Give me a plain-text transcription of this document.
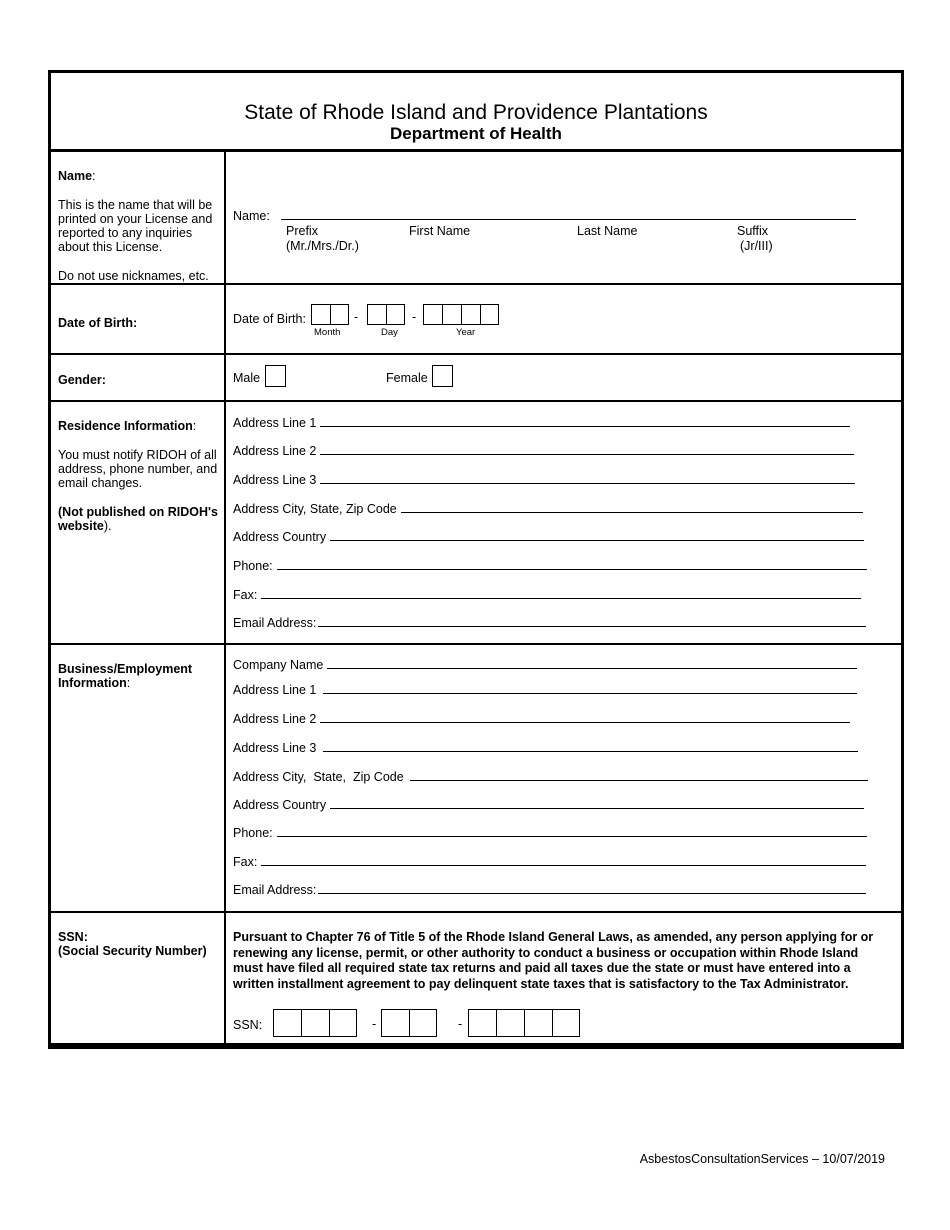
State of Rhode Island and Providence Plantations
Department of Health
Name:
This is the name that will be printed on your License and reported to any inquiries about this License.
Do not use nicknames, etc.
Name:
Prefix
(Mr./Mrs./Dr.)
First Name	Last Name	Suffix
(Jr/III)
Date of Birth:	Date of Birth:	-	-
Month	Day	Year
Gender:	Male	Female
Residence Information:
You must notify RIDOH of all address, phone number, and email changes.
(Not published on RIDOH's website).
Address Line 1
Address Line 2
Address Line 3
Address City, State, Zip Code
Address Country
Phone:
Fax:
Email Address:
Business/Employment Information:
Company Name
Address Line 1
Address Line 2
Address Line 3
Address City,  State,  Zip Code
Address Country
Phone:
Fax:
Email Address:
SSN:
(Social Security Number)
Pursuant to Chapter 76 of Title 5 of the Rhode Island General Laws, as amended, any person applying for or renewing any license, permit, or other authority to conduct a business or occupation within Rhode Island must have filed all required state tax returns and paid all taxes due the state or must have entered into a written installment agreement to pay delinquent state taxes that is satisfactory to the Tax Administrator.
SSN:	-	-
AsbestosConsultationServices – 10/07/2019
